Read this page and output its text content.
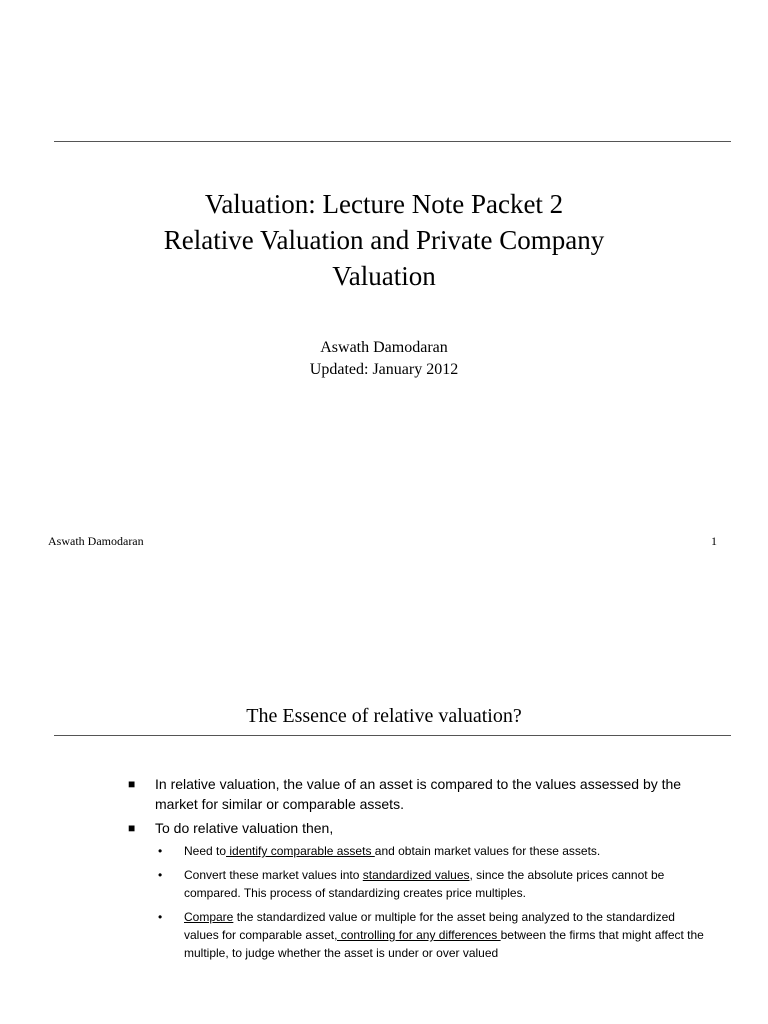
Valuation: Lecture Note Packet 2
Relative Valuation and Private Company
Valuation
Aswath Damodaran
Updated: January 2012
Aswath Damodaran	1
The Essence of relative valuation?
■	In relative valuation, the value of an asset is compared to the values assessed by the market for similar or comparable assets.
■	To do relative valuation then,
•	Need to identify comparable assets and obtain market values for these assets.
•	Convert these market values into standardized values, since the absolute prices cannot be compared. This process of standardizing creates price multiples.
•	Compare the standardized value or multiple for the asset being analyzed to the standardized values for comparable asset, controlling for any differences between the firms that might affect the multiple, to judge whether the asset is under or over valued
